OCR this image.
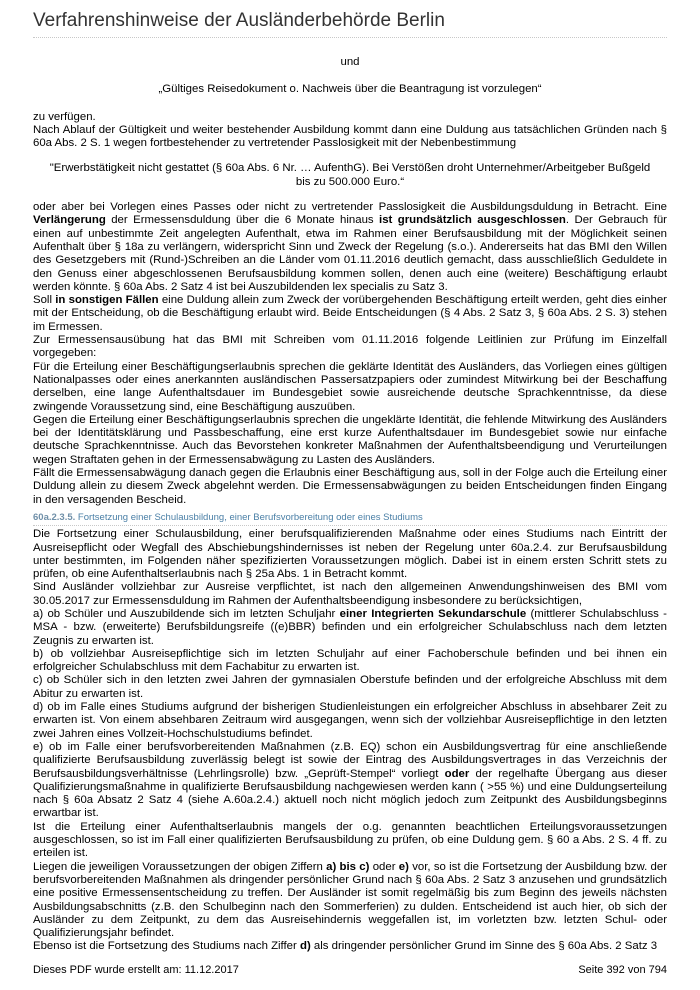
Verfahrenshinweise der Ausländerbehörde Berlin

und

„Gültiges Reisedokument o. Nachweis über die Beantragung ist vorzulegen“

zu verfügen.

Nach Ablauf der Gültigkeit und weiter bestehender Ausbildung kommt dann eine Duldung aus tatsächlichen Gründen nach § 60a Abs. 2 S. 1 wegen fortbestehender zu vertretender Passlosigkeit mit der Nebenbestimmung

"Erwerbstätigkeit nicht gestattet (§ 60a Abs. 6 Nr. … AufenthG). Bei Verstößen droht Unternehmer/Arbeitgeber Bußgeld bis zu 500.000 Euro.“

oder aber bei Vorlegen eines Passes oder nicht zu vertretender Passlosigkeit die Ausbildungsduldung in Betracht. Eine Verlängerung der Ermessensduldung über die 6 Monate hinaus ist grundsätzlich ausgeschlossen. Der Gebrauch für einen auf unbestimmte Zeit angelegten Aufenthalt, etwa im Rahmen einer Berufsausbildung mit der Möglichkeit seinen Aufenthalt über § 18a zu verlängern, widerspricht Sinn und Zweck der Regelung (s.o.). Andererseits hat das BMI den Willen des Gesetzgebers mit (Rund-)Schreiben an die Länder vom 01.11.2016 deutlich gemacht, dass ausschließlich Geduldete in den Genuss einer abgeschlossenen Berufsausbildung kommen sollen, denen auch eine (weitere) Beschäftigung erlaubt werden könnte. § 60a Abs. 2 Satz 4 ist bei Auszubildenden lex specialis zu Satz 3.

Soll in sonstigen Fällen eine Duldung allein zum Zweck der vorübergehenden Beschäftigung erteilt werden, geht dies einher mit der Entscheidung, ob die Beschäftigung erlaubt wird. Beide Entscheidungen (§ 4 Abs. 2 Satz 3, § 60a Abs. 2 S. 3) stehen im Ermessen.

Zur Ermessensausübung hat das BMI mit Schreiben vom 01.11.2016 folgende Leitlinien zur Prüfung im Einzelfall vorgegeben:

Für die Erteilung einer Beschäftigungserlaubnis sprechen die geklärte Identität des Ausländers, das Vorliegen eines gültigen Nationalpasses oder eines anerkannten ausländischen Passersatzpapiers oder zumindest Mitwirkung bei der Beschaffung derselben, eine lange Aufenthaltsdauer im Bundesgebiet sowie ausreichende deutsche Sprachkenntnisse, da diese zwingende Voraussetzung sind, eine Beschäftigung auszuüben.

Gegen die Erteilung einer Beschäftigungserlaubnis sprechen die ungeklärte Identität, die fehlende Mitwirkung des Ausländers bei der Identitätsklärung und Passbeschaffung, eine erst kurze Aufenthaltsdauer im Bundesgebiet sowie nur einfache deutsche Sprachkenntnisse. Auch das Bevorstehen konkreter Maßnahmen der Aufenthaltsbeendigung und Verurteilungen wegen Straftaten gehen in der Ermessensabwägung zu Lasten des Ausländers.

Fällt die Ermessensabwägung danach gegen die Erlaubnis einer Beschäftigung aus, soll in der Folge auch die Erteilung einer Duldung allein zu diesem Zweck abgelehnt werden. Die Ermessensabwägungen zu beiden Entscheidungen finden Eingang in den versagenden Bescheid.

60a.2.3.5. Fortsetzung einer Schulausbildung, einer Berufsvorbereitung oder eines Studiums

Die Fortsetzung einer Schulausbildung, einer berufsqualifizierenden Maßnahme oder eines Studiums nach Eintritt der Ausreisepflicht oder Wegfall des Abschiebungshindernisses ist neben der Regelung unter 60a.2.4. zur Berufsausbildung unter bestimmten, im Folgenden näher spezifizierten Voraussetzungen möglich. Dabei ist in einem ersten Schritt stets zu prüfen, ob eine Aufenthaltserlaubnis nach § 25a Abs. 1 in Betracht kommt.

Sind Ausländer vollziehbar zur Ausreise verpflichtet, ist nach den allgemeinen Anwendungshinweisen des BMI vom 30.05.2017 zur Ermessensduldung im Rahmen der Aufenthaltsbeendigung insbesondere zu berücksichtigen,

a) ob Schüler und Auszubildende sich im letzten Schuljahr einer Integrierten Sekundarschule (mittlerer Schulabschluss - MSA - bzw. (erweiterte) Berufsbildungsreife ((e)BBR) befinden und ein erfolgreicher Schulabschluss nach dem letzten Zeugnis zu erwarten ist.

b) ob vollziehbar Ausreisepflichtige sich im letzten Schuljahr auf einer Fachoberschule befinden und bei ihnen ein erfolgreicher Schulabschluss mit dem Fachabitur zu erwarten ist.

c) ob Schüler sich in den letzten zwei Jahren der gymnasialen Oberstufe befinden und der erfolgreiche Abschluss mit dem Abitur zu erwarten ist.

d) ob im Falle eines Studiums aufgrund der bisherigen Studienleistungen ein erfolgreicher Abschluss in absehbarer Zeit zu erwarten ist. Von einem absehbaren Zeitraum wird ausgegangen, wenn sich der vollziehbar Ausreisepflichtige in den letzten zwei Jahren eines Vollzeit-Hochschulstudiums befindet.

e) ob im Falle einer berufsvorbereitenden Maßnahmen (z.B. EQ) schon ein Ausbildungsvertrag für eine anschließende qualifizierte Berufsausbildung zuverlässig belegt ist sowie der Eintrag des Ausbildungsvertrages in das Verzeichnis der Berufsausbildungsverhältnisse (Lehrlingsrolle) bzw. „Geprüft-Stempel“ vorliegt oder der regelhafte Übergang aus dieser Qualifizierungsmaßnahme in qualifizierte Berufsausbildung nachgewiesen werden kann ( >55 %) und eine Duldungserteilung nach § 60a Absatz 2 Satz 4 (siehe A.60a.2.4.) aktuell noch nicht möglich jedoch zum Zeitpunkt des Ausbildungsbeginns erwartbar ist.

Ist die Erteilung einer Aufenthaltserlaubnis mangels der o.g. genannten beachtlichen Erteilungsvoraussetzungen ausgeschlossen, so ist im Fall einer qualifizierten Berufsausbildung zu prüfen, ob eine Duldung gem. § 60 a Abs. 2 S. 4 ff. zu erteilen ist.

Liegen die jeweiligen Voraussetzungen der obigen Ziffern a) bis c) oder e) vor, so ist die Fortsetzung der Ausbildung bzw. der berufsvorbereitenden Maßnahmen als dringender persönlicher Grund nach § 60a Abs. 2 Satz 3 anzusehen und grundsätzlich eine positive Ermessensentscheidung zu treffen. Der Ausländer ist somit regelmäßig bis zum Beginn des jeweils nächsten Ausbildungsabschnitts (z.B. den Schulbeginn nach den Sommerferien) zu dulden. Entscheidend ist auch hier, ob sich der Ausländer zu dem Zeitpunkt, zu dem das Ausreisehindernis weggefallen ist, im vorletzten bzw. letzten Schul- oder Qualifizierungsjahr befindet.

Ebenso ist die Fortsetzung des Studiums nach Ziffer d) als dringender persönlicher Grund im Sinne des § 60a Abs. 2 Satz 3

Dieses PDF wurde erstellt am: 11.12.2017	Seite 392 von 794
